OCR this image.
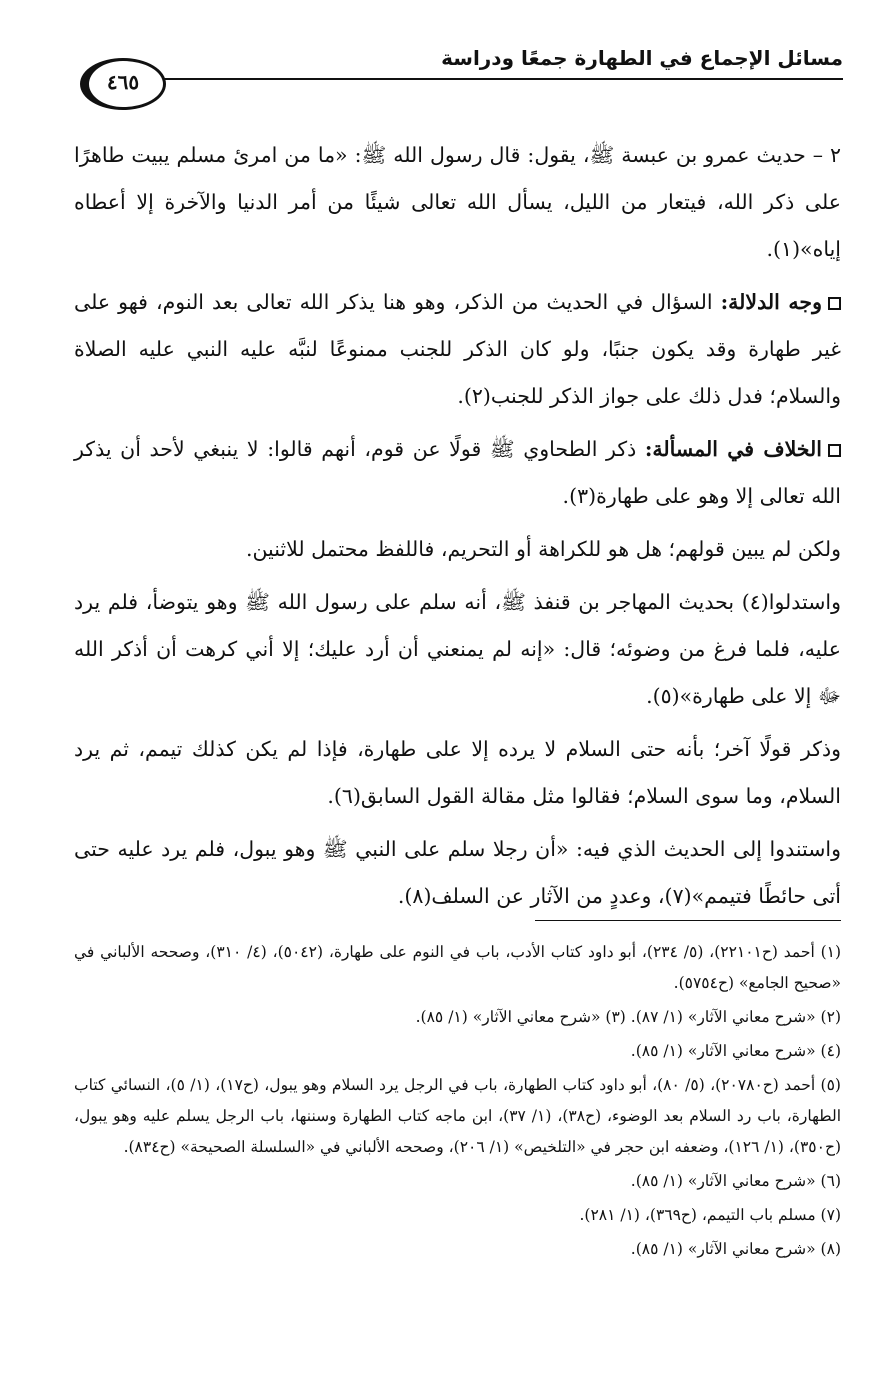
مسائل الإجماع في الطهارة جمعًا ودراسة
٤٦٥

٢ – حديث عمرو بن عبسة ﷺ، يقول: قال رسول الله ﷺ: «ما من امرئ مسلم يبيت طاهرًا على ذكر الله، فيتعار من الليل، يسأل الله تعالى شيئًا من أمر الدنيا والآخرة إلا أعطاه إياه»(١).

وجه الدلالة: السؤال في الحديث من الذكر، وهو هنا يذكر الله تعالى بعد النوم، فهو على غير طهارة وقد يكون جنبًا، ولو كان الذكر للجنب ممنوعًا لنبَّه عليه النبي عليه الصلاة والسلام؛ فدل ذلك على جواز الذكر للجنب(٢).

الخلاف في المسألة: ذكر الطحاوي ﷺ قولًا عن قوم، أنهم قالوا: لا ينبغي لأحد أن يذكر الله تعالى إلا وهو على طهارة(٣).

ولكن لم يبين قولهم؛ هل هو للكراهة أو التحريم، فاللفظ محتمل للاثنين.

واستدلوا(٤) بحديث المهاجر بن قنفذ ﷺ، أنه سلم على رسول الله ﷺ وهو يتوضأ، فلم يرد عليه، فلما فرغ من وضوئه؛ قال: «إنه لم يمنعني أن أرد عليك؛ إلا أني كرهت أن أذكر الله ﷻ إلا على طهارة»(٥).

وذكر قولًا آخر؛ بأنه حتى السلام لا يرده إلا على طهارة، فإذا لم يكن كذلك تيمم، ثم يرد السلام، وما سوى السلام؛ فقالوا مثل مقالة القول السابق(٦).

واستندوا إلى الحديث الذي فيه: «أن رجلا سلم على النبي ﷺ وهو يبول، فلم يرد عليه حتى أتى حائطًا فتيمم»(٧)، وعددٍ من الآثار عن السلف(٨).

(١) أحمد (ح٢٢١٠١)، (٥/ ٢٣٤)، أبو داود كتاب الأدب، باب في النوم على طهارة، (٥٠٤٢)، (٤/ ٣١٠)، وصححه الألباني في «صحيح الجامع» (ح٥٧٥٤).

(٢) «شرح معاني الآثار» (١/ ٨٧). (٣) «شرح معاني الآثار» (١/ ٨٥).

(٤) «شرح معاني الآثار» (١/ ٨٥).

(٥) أحمد (ح٢٠٧٨٠)، (٥/ ٨٠)، أبو داود كتاب الطهارة، باب في الرجل يرد السلام وهو يبول، (ح١٧)، (١/ ٥)، النسائي كتاب الطهارة، باب رد السلام بعد الوضوء، (ح٣٨)، (١/ ٣٧)، ابن ماجه كتاب الطهارة وسننها، باب الرجل يسلم عليه وهو يبول، (ح٣٥٠)، (١/ ١٢٦)، وضعفه ابن حجر في «التلخيص» (١/ ٢٠٦)، وصححه الألباني في «السلسلة الصحيحة» (ح٨٣٤).

(٦) «شرح معاني الآثار» (١/ ٨٥).

(٧) مسلم باب التيمم، (ح٣٦٩)، (١/ ٢٨١).

(٨) «شرح معاني الآثار» (١/ ٨٥).
